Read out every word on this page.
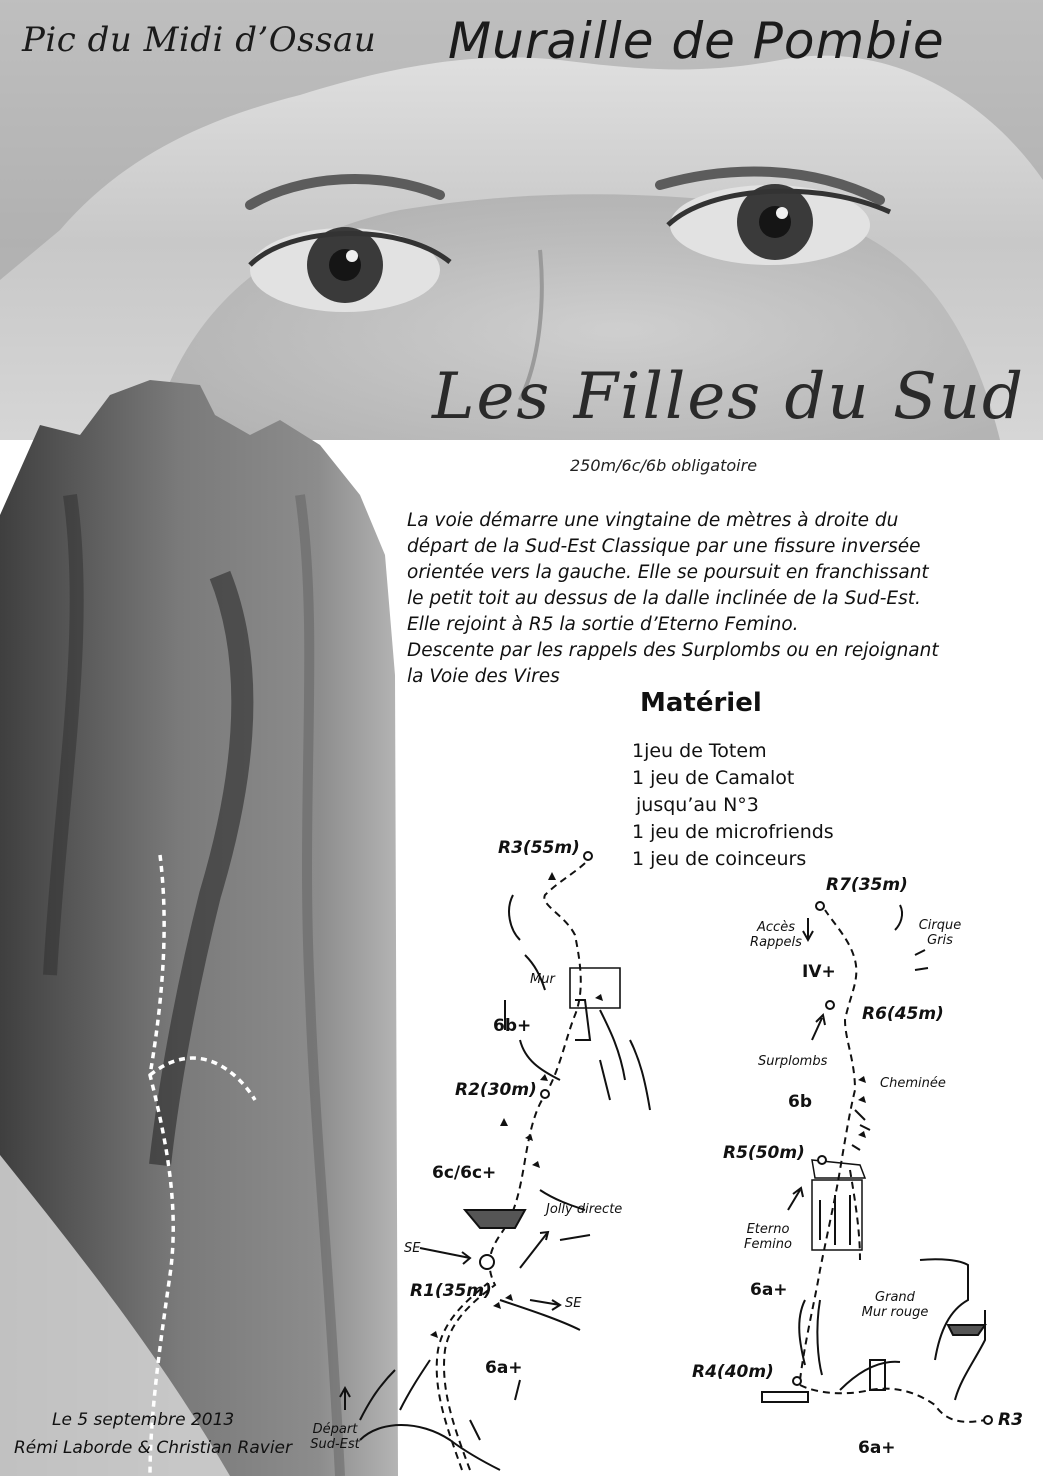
Pic du Midi d’Ossau Muraille de Pombie
Les Filles du Sud
250m/6c/6b obligatoire
La voie démarre une vingtaine de mètres à droite du
départ de la Sud-Est Classique par une fissure inversée
orientée vers la gauche. Elle se poursuit en franchissant
le petit toit au dessus de la dalle inclinée de la Sud-Est.
Elle rejoint à R5 la sortie d’Eterno Femino.
Descente par les rappels des Surplombs ou en rejoignant
la Voie des Vires
Matériel
1jeu de Totem
1 jeu de Camalot
jusqu’au N°3
1 jeu de microfriends
1 jeu de coinceurs
R3(55m)
Mur
6b+
R2(30m)
6c/6c+
Jolly directe
SE
R1(35m)
SE
6a+
Départ
Sud-Est
R7(35m)
Accès
Rappels
Cirque
Gris
IV+
R6(45m)
Surplombs
Cheminée
6b
R5(50m)
Eterno
Femino
6a+	Grand
Mur rouge
R4(40m)
6a+
R3
Le 5 septembre 2013
Rémi Laborde & Christian Ravier
